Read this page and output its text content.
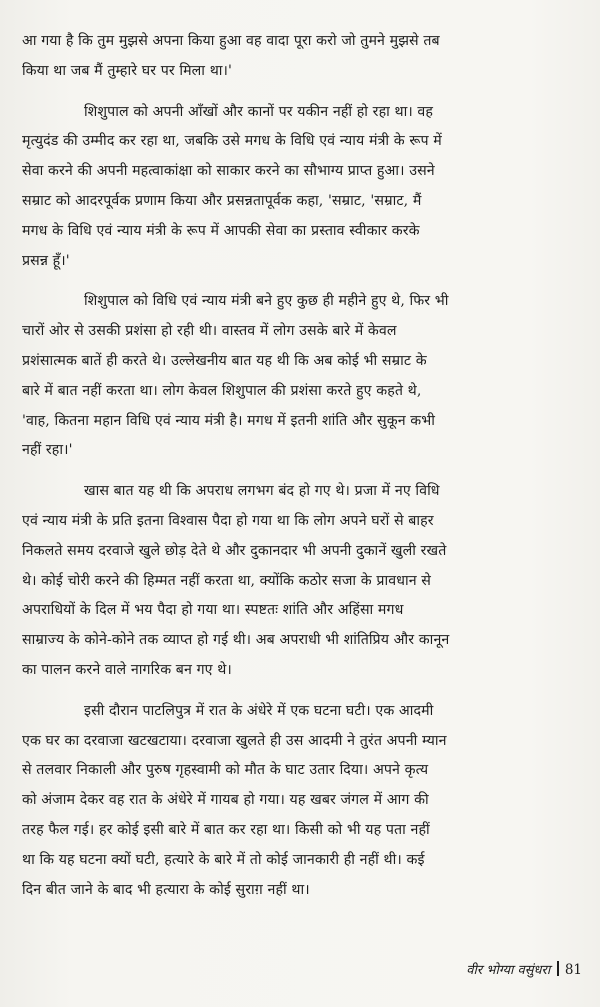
आ गया है कि तुम मुझसे अपना किया हुआ वह वादा पूरा करो जो तुमने मुझसे तब
किया था जब मैं तुम्हारे घर पर मिला था।'
शिशुपाल को अपनी आँखों और कानों पर यकीन नहीं हो रहा था। वह
मृत्युदंड की उम्मीद कर रहा था, जबकि उसे मगध के विधि एवं न्याय मंत्री के रूप में
सेवा करने की अपनी महत्वाकांक्षा को साकार करने का सौभाग्य प्राप्त हुआ। उसने
सम्राट को आदरपूर्वक प्रणाम किया और प्रसन्नतापूर्वक कहा, 'सम्राट, 'सम्राट, मैं
मगध के विधि एवं न्याय मंत्री के रूप में आपकी सेवा का प्रस्ताव स्वीकार करके
प्रसन्न हूँ।'
शिशुपाल को विधि एवं न्याय मंत्री बने हुए कुछ ही महीने हुए थे, फिर भी
चारों ओर से उसकी प्रशंसा हो रही थी। वास्तव में लोग उसके बारे में केवल
प्रशंसात्मक बातें ही करते थे। उल्लेखनीय बात यह थी कि अब कोई भी सम्राट के
बारे में बात नहीं करता था। लोग केवल शिशुपाल की प्रशंसा करते हुए कहते थे,
'वाह, कितना महान विधि एवं न्याय मंत्री है। मगध में इतनी शांति और सुकून कभी
नहीं रहा।'
खास बात यह थी कि अपराध लगभग बंद हो गए थे। प्रजा में नए विधि
एवं न्याय मंत्री के प्रति इतना विश्वास पैदा हो गया था कि लोग अपने घरों से बाहर
निकलते समय दरवाजे खुले छोड़ देते थे और दुकानदार भी अपनी दुकानें खुली रखते
थे। कोई चोरी करने की हिम्मत नहीं करता था, क्योंकि कठोर सजा के प्रावधान से
अपराधियों के दिल में भय पैदा हो गया था। स्पष्टतः शांति और अहिंसा मगध
साम्राज्य के कोने-कोने तक व्याप्त हो गई थी। अब अपराधी भी शांतिप्रिय और कानून
का पालन करने वाले नागरिक बन गए थे।
इसी दौरान पाटलिपुत्र में रात के अंधेरे में एक घटना घटी। एक आदमी
एक घर का दरवाजा खटखटाया। दरवाजा खुलते ही उस आदमी ने तुरंत अपनी म्यान
से तलवार निकाली और पुरुष गृहस्वामी को मौत के घाट उतार दिया। अपने कृत्य
को अंजाम देकर वह रात के अंधेरे में गायब हो गया। यह खबर जंगल में आग की
तरह फैल गई। हर कोई इसी बारे में बात कर रहा था। किसी को भी यह पता नहीं
था कि यह घटना क्यों घटी, हत्यारे के बारे में तो कोई जानकारी ही नहीं थी। कई
दिन बीत जाने के बाद भी हत्यारा के कोई सुराग़ नहीं था।
वीर भोग्या वसुंधरा 81
